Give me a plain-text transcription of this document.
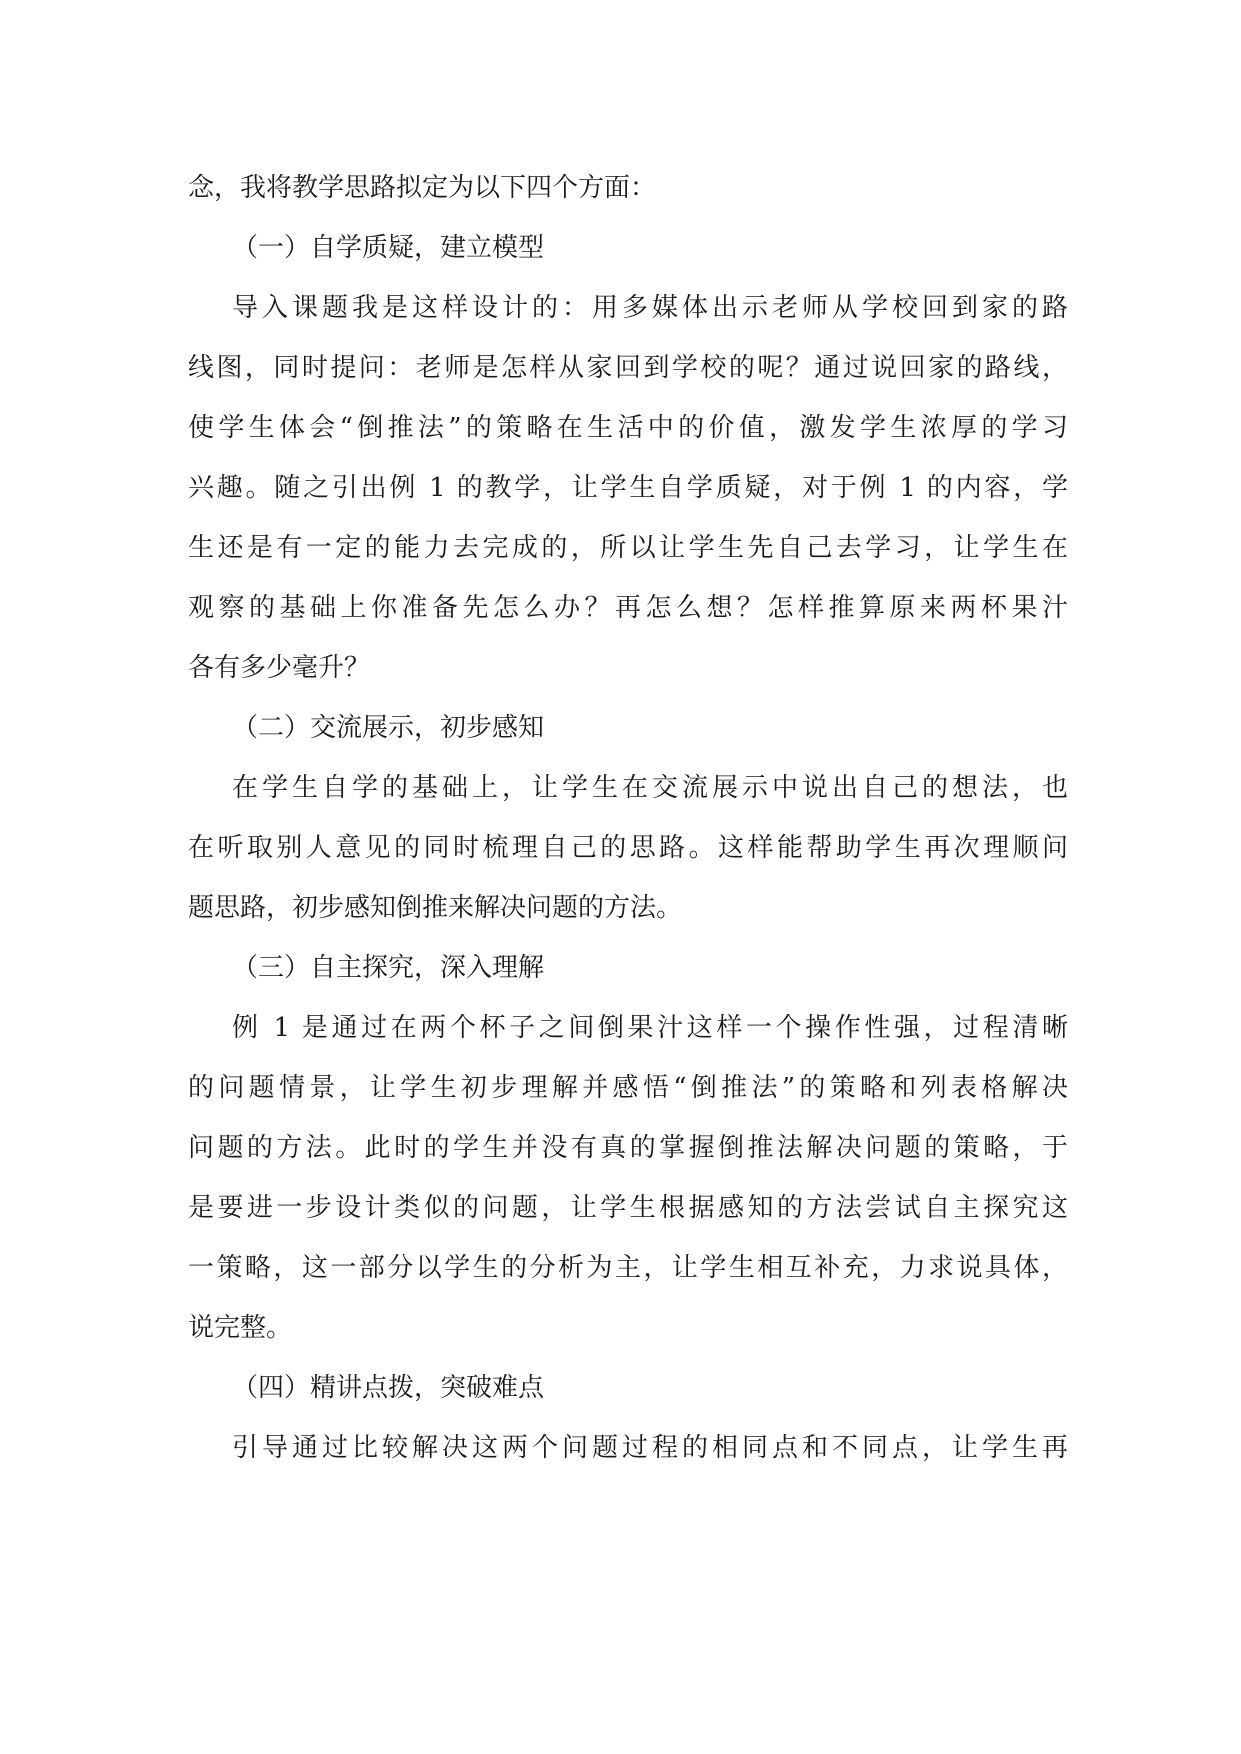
念，我将教学思路拟定为以下四个方面：
（一）自学质疑，建立模型
导入课题我是这样设计的：用多媒体出示老师从学校回到家的路
线图，同时提问：老师是怎样从家回到学校的呢？通过说回家的路线，
使学生体会“倒推法”的策略在生活中的价值，激发学生浓厚的学习
兴趣。随之引出例 1 的教学，让学生自学质疑，对于例 1 的内容，学
生还是有一定的能力去完成的，所以让学生先自己去学习，让学生在
观察的基础上你准备先怎么办？再怎么想？怎样推算原来两杯果汁
各有多少毫升？
（二）交流展示，初步感知
在学生自学的基础上，让学生在交流展示中说出自己的想法，也
在听取别人意见的同时梳理自己的思路。这样能帮助学生再次理顺问
题思路，初步感知倒推来解决问题的方法。
（三）自主探究，深入理解
例 1 是通过在两个杯子之间倒果汁这样一个操作性强，过程清晰
的问题情景，让学生初步理解并感悟“倒推法”的策略和列表格解决
问题的方法。此时的学生并没有真的掌握倒推法解决问题的策略，于
是要进一步设计类似的问题，让学生根据感知的方法尝试自主探究这
一策略，这一部分以学生的分析为主，让学生相互补充，力求说具体，
说完整。
（四）精讲点拨，突破难点
引导通过比较解决这两个问题过程的相同点和不同点，让学生再
